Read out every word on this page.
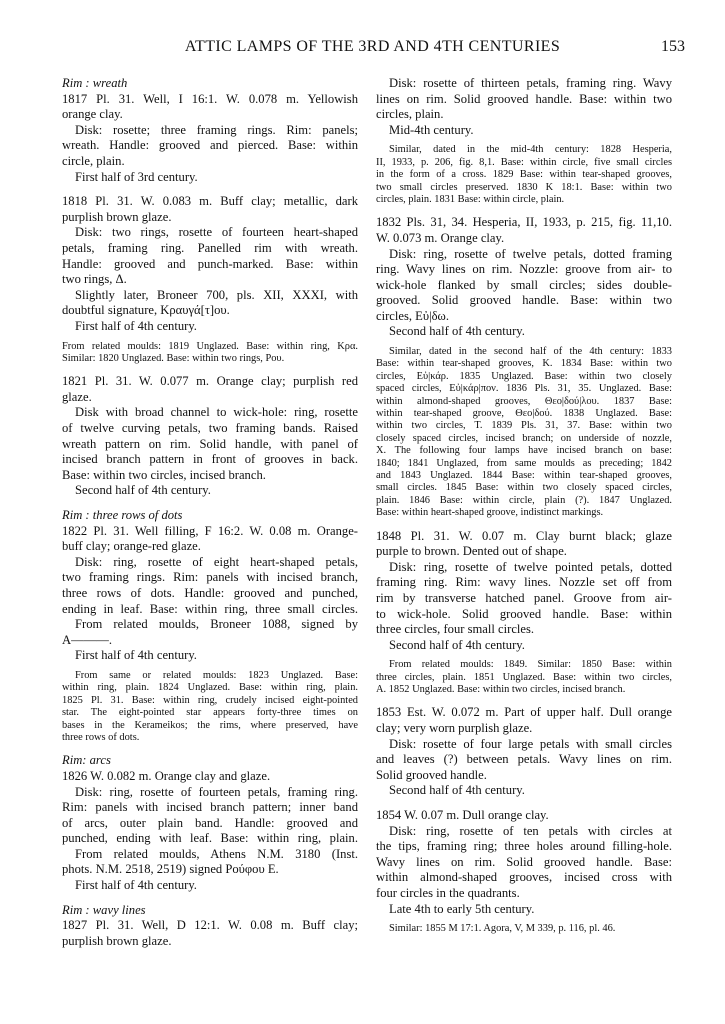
ATTIC LAMPS OF THE 3RD AND 4TH CENTURIES	153
Rim : wreath
1817 Pl. 31. Well, I 16:1. W. 0.078 m. Yellowish
orange clay.
Disk: rosette; three framing rings. Rim: panels;
wreath. Handle: grooved and pierced. Base: within
circle, plain.
First half of 3rd century.
1818 Pl. 31. W. 0.083 m. Buff clay; metallic, dark
purplish brown glaze.
Disk: two rings, rosette of fourteen heart-shaped
petals, framing ring. Panelled rim with wreath.
Handle: grooved and punch-marked. Base: within
two rings, Δ.
Slightly later, Broneer 700, pls. XII, XXXI, with
doubtful signature, Κραυγά[τ]ου.
First half of 4th century.
From related moulds: 1819 Unglazed. Base: within ring, Κρα.
Similar: 1820 Unglazed. Base: within two rings, Ρου.
1821 Pl. 31. W. 0.077 m. Orange clay; purplish red
glaze.
Disk with broad channel to wick-hole: ring, rosette
of twelve curving petals, two framing bands. Raised
wreath pattern on rim. Solid handle, with panel of
incised branch pattern in front of grooves in back.
Base: within two circles, incised branch.
Second half of 4th century.
Rim : three rows of dots
1822 Pl. 31. Well filling, F 16:2. W. 0.08 m. Orange-
buff clay; orange-red glaze.
Disk: ring, rosette of eight heart-shaped petals,
two framing rings. Rim: panels with incised branch,
three rows of dots. Handle: grooved and punched,
ending in leaf. Base: within ring, three small circles.
From related moulds, Broneer 1088, signed by
Α———.
First half of 4th century.
From same or related moulds: 1823 Unglazed. Base:
within ring, plain. 1824 Unglazed. Base: within ring, plain.
1825 Pl. 31. Base: within ring, crudely incised eight-pointed
star. The eight-pointed star appears forty-three times on
bases in the Kerameikos; the rims, where preserved, have
three rows of dots.
Rim: arcs
1826 W. 0.082 m. Orange clay and glaze.
Disk: ring, rosette of fourteen petals, framing ring.
Rim: panels with incised branch pattern; inner band
of arcs, outer plain band. Handle: grooved and
punched, ending with leaf. Base: within ring, plain.
From related moulds, Athens N.M. 3180 (Inst.
phots. N.M. 2518, 2519) signed Ρούφου Ε.
First half of 4th century.
Rim : wavy lines
1827 Pl. 31. Well, D 12:1. W. 0.08 m. Buff clay;
purplish brown glaze.
Disk: rosette of thirteen petals, framing ring. Wavy
lines on rim. Solid grooved handle. Base: within two
circles, plain.
Mid-4th century.
Similar, dated in the mid-4th century: 1828 Hesperia,
II, 1933, p. 206, fig. 8,1. Base: within circle, five small circles
in the form of a cross. 1829 Base: within tear-shaped grooves,
two small circles preserved. 1830 K 18:1. Base: within two
circles, plain. 1831 Base: within circle, plain.
1832 Pls. 31, 34. Hesperia, II, 1933, p. 215, fig. 11,10.
W. 0.073 m. Orange clay.
Disk: ring, rosette of twelve petals, dotted framing
ring. Wavy lines on rim. Nozzle: groove from air- to
wick-hole flanked by small circles; sides double-
grooved. Solid grooved handle. Base: within two
circles, Εὐ|δω.
Second half of 4th century.
Similar, dated in the second half of the 4th century: 1833
Base: within tear-shaped grooves, Κ. 1834 Base: within two
circles, Εὐ|κάρ. 1835 Unglazed. Base: within two closely
spaced circles, Εὐ|κάρ|πον. 1836 Pls. 31, 35. Unglazed. Base:
within almond-shaped grooves, Θεο|δού|λου. 1837 Base:
within tear-shaped groove, Θεο|δού. 1838 Unglazed. Base:
within two circles, T. 1839 Pls. 31, 37. Base: within two
closely spaced circles, incised branch; on underside of nozzle,
X. The following four lamps have incised branch on base:
1840; 1841 Unglazed, from same moulds as preceding; 1842
and 1843 Unglazed. 1844 Base: within tear-shaped grooves,
small circles. 1845 Base: within two closely spaced circles,
plain. 1846 Base: within circle, plain (?). 1847 Unglazed.
Base: within heart-shaped groove, indistinct markings.
1848 Pl. 31. W. 0.07 m. Clay burnt black; glaze
purple to brown. Dented out of shape.
Disk: ring, rosette of twelve pointed petals, dotted
framing ring. Rim: wavy lines. Nozzle set off from
rim by transverse hatched panel. Groove from air-
to wick-hole. Solid grooved handle. Base: within
three circles, four small circles.
Second half of 4th century.
From related moulds: 1849. Similar: 1850 Base: within
three circles, plain. 1851 Unglazed. Base: within two circles,
Α. 1852 Unglazed. Base: within two circles, incised branch.
1853 Est. W. 0.072 m. Part of upper half. Dull orange
clay; very worn purplish glaze.
Disk: rosette of four large petals with small circles
and leaves (?) between petals. Wavy lines on rim.
Solid grooved handle.
Second half of 4th century.
1854 W. 0.07 m. Dull orange clay.
Disk: ring, rosette of ten petals with circles at
the tips, framing ring; three holes around filling-hole.
Wavy lines on rim. Solid grooved handle. Base:
within almond-shaped grooves, incised cross with
four circles in the quadrants.
Late 4th to early 5th century.
Similar: 1855 M 17:1. Agora, V, M 339, p. 116, pl. 46.
